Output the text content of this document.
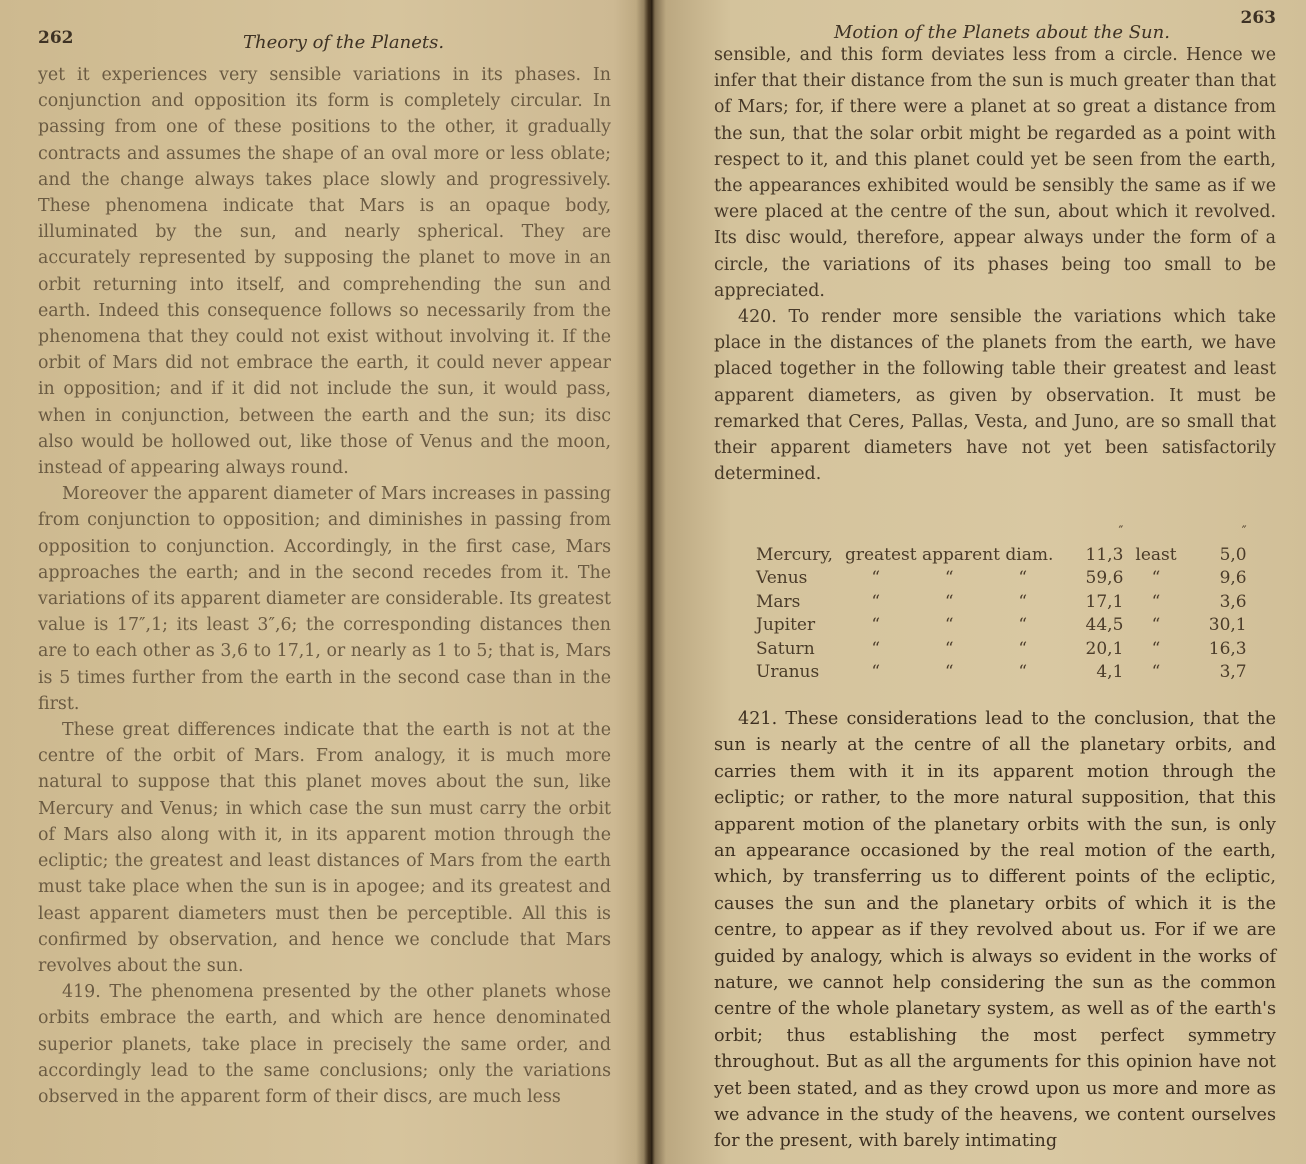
262	Theory of the Planets.

yet it experiences very sensible variations in its phases. In conjunction and opposition its form is completely circular. In passing from one of these positions to the other, it gradually contracts and assumes the shape of an oval more or less oblate; and the change always takes place slowly and progressively. These phenomena indicate that Mars is an opaque body, illuminated by the sun, and nearly spherical. They are accurately represented by supposing the planet to move in an orbit returning into itself, and comprehending the sun and earth. Indeed this consequence follows so necessarily from the phenomena that they could not exist without involving it. If the orbit of Mars did not embrace the earth, it could never appear in opposition; and if it did not include the sun, it would pass, when in conjunction, between the earth and the sun; its disc also would be hollowed out, like those of Venus and the moon, instead of appearing always round.

Moreover the apparent diameter of Mars increases in passing from conjunction to opposition; and diminishes in passing from opposition to conjunction. Accordingly, in the first case, Mars approaches the earth; and in the second recedes from it. The variations of its apparent diameter are considerable. Its greatest value is 17″,1; its least 3″,6; the corresponding distances then are to each other as 3,6 to 17,1, or nearly as 1 to 5; that is, Mars is 5 times further from the earth in the second case than in the first.

These great differences indicate that the earth is not at the centre of the orbit of Mars. From analogy, it is much more natural to suppose that this planet moves about the sun, like Mercury and Venus; in which case the sun must carry the orbit of Mars also along with it, in its apparent motion through the ecliptic; the greatest and least distances of Mars from the earth must take place when the sun is in apogee; and its greatest and least apparent diameters must then be perceptible. All this is confirmed by observation, and hence we conclude that Mars revolves about the sun.

419. The phenomena presented by the other planets whose orbits embrace the earth, and which are hence denominated superior planets, take place in precisely the same order, and accordingly lead to the same conclusions; only the variations observed in the apparent form of their discs, are much less

Motion of the Planets about the Sun.
263

sensible, and this form deviates less from a circle. Hence we infer that their distance from the sun is much greater than that of Mars; for, if there were a planet at so great a distance from the sun, that the solar orbit might be regarded as a point with respect to it, and this planet could yet be seen from the earth, the appearances exhibited would be sensibly the same as if we were placed at the centre of the sun, about which it revolved. Its disc would, therefore, appear always under the form of a circle, the variations of its phases being too small to be appreciated.

420. To render more sensible the variations which take place in the distances of the planets from the earth, we have placed together in the following table their greatest and least apparent diameters, as given by observation. It must be remarked that Ceres, Pallas, Vesta, and Juno, are so small that their apparent diameters have not yet been satisfactorily determined.

				″		″
Mercury,	greatest apparent diam.			11,3	least	5,0
Venus	“	“	“	59,6	“	9,6
Mars	“	“	“	17,1	“	3,6
Jupiter	“	“	“	44,5	“	30,1
Saturn	“	“	“	20,1	“	16,3
Uranus	“	“	“	4,1	“	3,7

421. These considerations lead to the conclusion, that the sun is nearly at the centre of all the planetary orbits, and carries them with it in its apparent motion through the ecliptic; or rather, to the more natural supposition, that this apparent motion of the planetary orbits with the sun, is only an appearance occasioned by the real motion of the earth, which, by transferring us to different points of the ecliptic, causes the sun and the planetary orbits of which it is the centre, to appear as if they revolved about us. For if we are guided by analogy, which is always so evident in the works of nature, we cannot help considering the sun as the common centre of the whole planetary system, as well as of the earth's orbit; thus establishing the most perfect symmetry throughout. But as all the arguments for this opinion have not yet been stated, and as they crowd upon us more and more as we advance in the study of the heavens, we content ourselves for the present, with barely intimating
